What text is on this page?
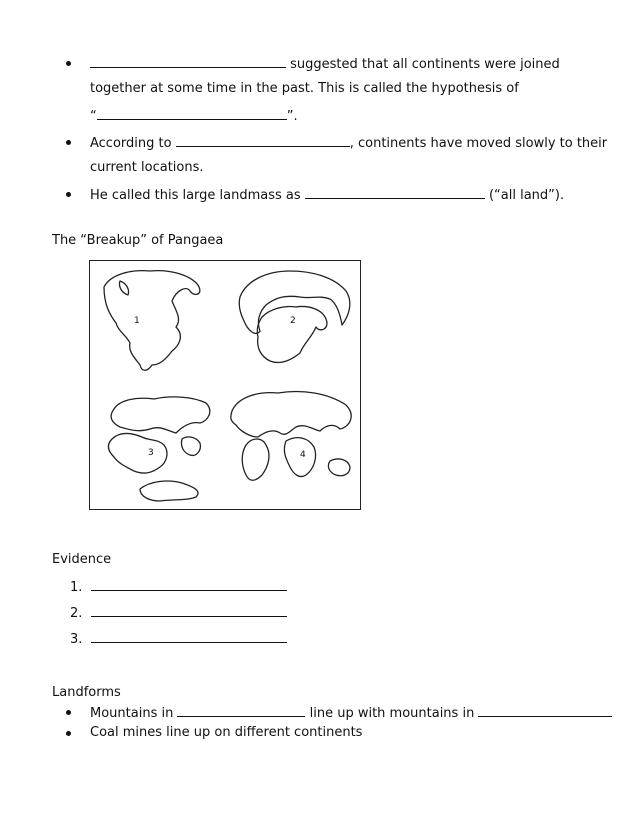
suggested that all continents were joined
together at some time in the past. This is called the hypothesis of
“	”.
According to	, continents have moved slowly to their
current locations.
He called this large landmass as	(“all land”).
The “Breakup” of Pangaea
1	2
3	4
Evidence
1.
2.
3.
Landforms
Mountains in	line up with mountains in
Coal mines line up on different continents
